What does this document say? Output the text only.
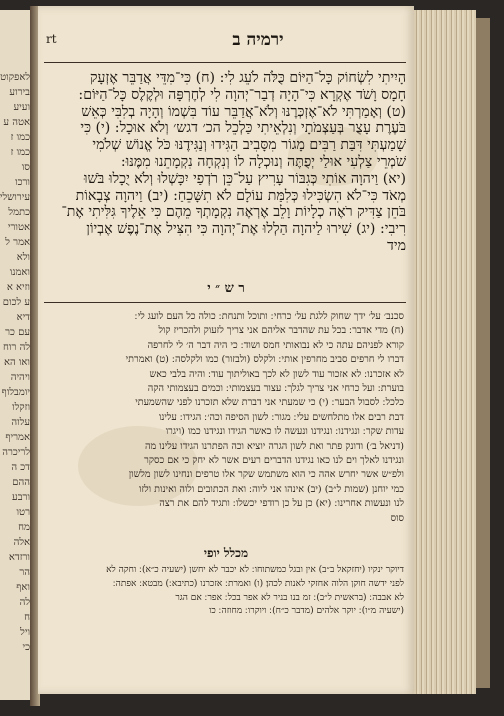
לאפקוט
בירוע
ועיע
אטה ע
כמו ז
כמו ז
סו
ורכו
עירושלי
כתמל
אטורי
אמר ל
ולא
ואמנו
וזיא א
ע לכום
דיא
עם כר
לה רוח
ואו הא
ויהיה
יומבלוף
וזקלו
עלוה
אמריף
לריכרה
דכ ה
ההם
ורבע
רטו
מח
אלה
ורזדא
הר
ואף
לה
ח
ויל
כי
rt	ירמיה ב

הָיִיתִי לִשְׂחוֹק כָּל־הַיּוֹם כֻּלֹּה לֹעֵג לִי: (ח) כִּי־מִדֵּי אֲדַבֵּר אֶזְעָק

חָמָס וָשֹׁד אֶקְרָא כִּי־הָיָה דְבַר־יְהוָה לִי לְחֶרְפָּה וּלְקֶלֶס כָּל־הַיּוֹם:

(ט) וְאָמַרְתִּי לֹא־אֶזְכְּרֶנּוּ וְלֹא־אֲדַבֵּר עוֹד בִּשְׁמוֹ וְהָיָה בְלִבִּי כְּאֵשׁ

בֹּעֶרֶת עָצֻר בְּעַצְמֹתָי וְנִלְאֵיתִי כַּלְכֵל הכ׳ דגש׳ וְלֹא אוּכָל: (י) כִּי

שָׁמַעְתִּי דִּבַּת רַבִּים מָגוֹר מִסָּבִיב הַגִּידוּ וְנַגִּידֶנּוּ כֹּל אֱנוֹשׁ שְׁלֹמִי

שֹׁמְרֵי צַלְעִי אוּלַי יְפֻתֶּה וְנוּכְלָה לוֹ וְנִקְחָה נִקְמָתֵנוּ מִמֶּנּוּ:

(יא) וַיהוָה אוֹתִי כְּגִבּוֹר עָרִיץ עַל־כֵּן רֹדְפַי יִכָּשְׁלוּ וְלֹא יֻכָלוּ בֹּשׁוּ

מְאֹד כִּי־לֹא הִשְׂכִּילוּ כְּלִמַּת עוֹלָם לֹא תִשָּׁכֵחַ: (יב) וַיהוָה צְבָאוֹת

בֹּחֵן צַדִּיק רֹאֶה כְלָיוֹת וָלֵב אֶרְאֶה נִקְמָתְךָ מֵהֶם כִּי אֵלֶיךָ גִּלִּיתִי אֶת־

רִיבִי: (יג) שִׁירוּ לַיהוָה הַלְלוּ אֶת־יְהוָה כִּי הִצִּיל אֶת־נֶפֶשׁ אֶבְיוֹן

מיד

ר ש ״ י

סכנב׳ על׳ ידך שחוק ללגת על׳ כרחי ׃ ותוכל ותנחת ׃ כולה כל העם לועג לי ׃

(ח) מדי אדבר ׃ בכל עת שהדבר אליהם אני צריך לזעוק ולהכריז קול

קורא לפניהם עתה כי לא נבואותי חמס ושוד ׃ כי היה דבר ה׳ לי לחרפה

דברו לי חרפים סביב מחרפין אותי ׃ ולקלס (ולבזור) כמו ולקלסה ׃ (ט) ואמרתי

לא אזכרנו ׃ לא אזכור עוד לשון לא לכך באוליתוך עוד ׃ והיה בלבי כאש

בוערת ׃ ועל כרחי אני צריך לגלך ׃ עצור בעצמותי ׃ וכמים בעצמותי הקה

כלכל ׃ לסבול הבער ׃ (י) כי שמעתי אני דברת שלא תזכרנו לפני שהשמעתי

דבת רבים אלו מתלחשים עלי ׃ מגור ׃ לשון הסיפה וכה׳ ׃ הגידו ׃ עלינו

עדות שקר ׃ ונגידנו ׃ ונגידנו ונעשה לו כאשר הגידו ונגידנו כמו (ויגרו

(דניאל ב׳) ודונק פתר ואת לשון הגרה יוציא וכה הפתרנו הגידו עלינו מה

ונגידנו לאלך וים לנו כאו נגידנו הדברים רעים אשר לא יחק כי אם כסקר

ולפ״ש אשר יחרש אהה כי הוא משתמש שקר אלו טרפים ונחינו לשון מלשון

כמי יוחנן (שמות ל״ב) (יב) אינהו אני ליוה ׃ ואת הכתובים ולוה ואינות ולזו

לנו ונעשות אחרינו ׃ (יא) כן על כן רודפי יכשלו ׃ ותגיד להם את רצה

סוס

מכלל יופי

דיוקר ינקיו (יחזקאל ב״ב) אין ובגל כמשתוחו ׃ לא יכבר לא יחשן (ישעיה כ״א) ׃ וחקה לא

לפני ידשה חוקן הלוה אחזקי לאנות לכהן׃ (ו) ואמרת ׃ אזכרנו (כתיבא ׃) מבטא ׃ אפתה ׃

לא אבבה ׃ (בראשית ל״ב) ׃ זמ בנו בניר לא אפר בכל ׃ אפר ׃ אם הגר

(ישעיה מ״ו) ׃ יוקר אלהים (מדבר כ״ח) ׃ ויוקרו ׃ מחוזה ׃ כו
